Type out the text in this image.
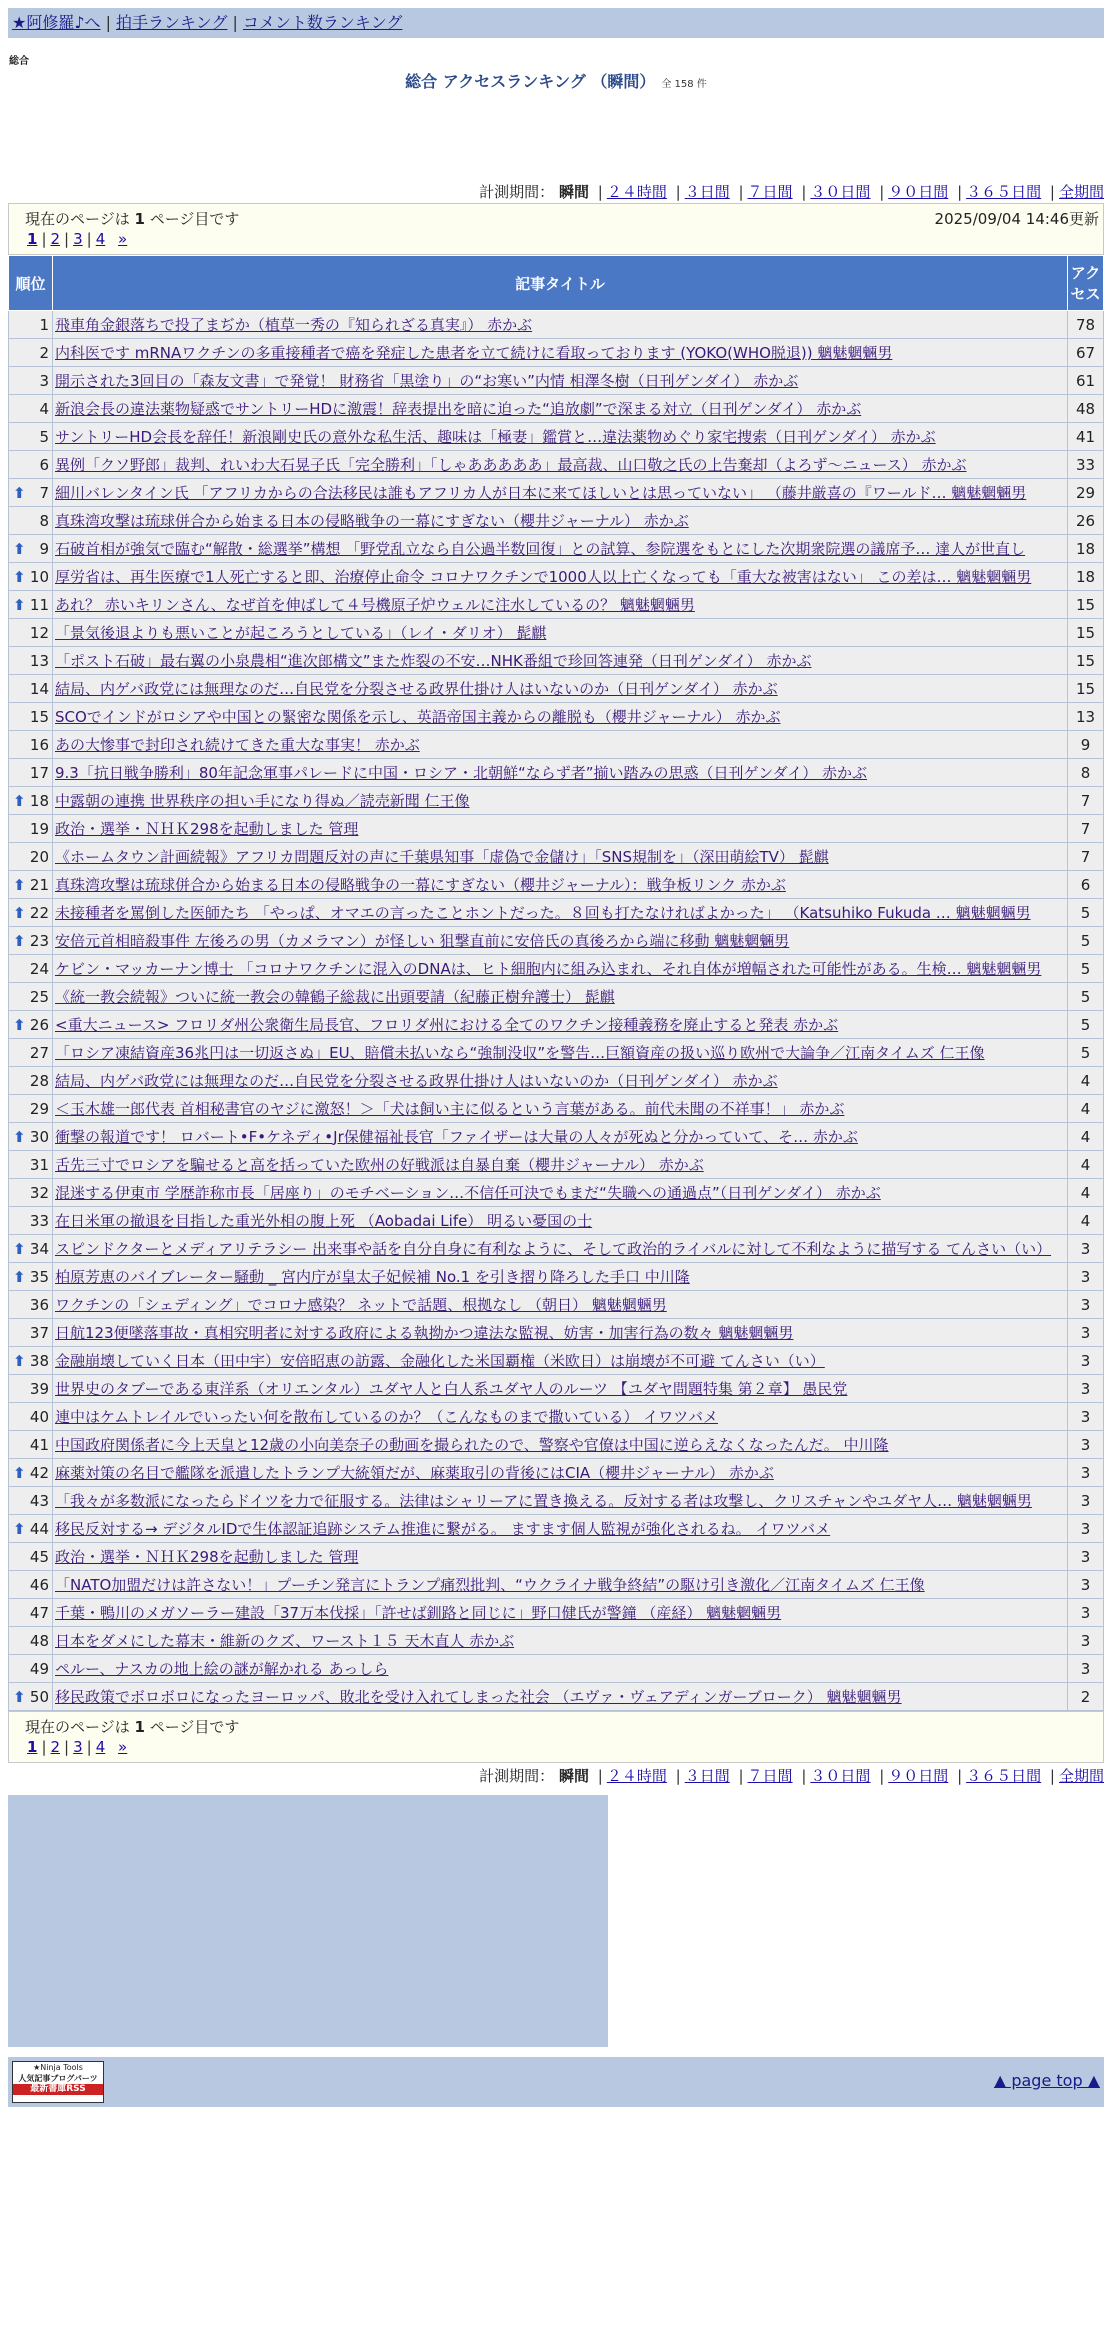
★阿修羅♪へ | 拍手ランキング | コメント数ランキング
総合
総合 アクセスランキング （瞬間） 全 158 件
計測期間： 瞬間 | ２４時間 | ３日間 | ７日間 | ３０日間 | ９０日間 | ３６５日間 | 全期間
現在のページは 1 ページ目です	2025/09/04 14:46更新
1 | 2 | 3 | 4 »
順位	記事タイトル	アクセス
1	飛車角金銀落ちで投了まぢか（植草一秀の『知られざる真実』） 赤かぶ	78
2	内科医です mRNAワクチンの多重接種者で癌を発症した患者を立て続けに看取っております (YOKO(WHO脱退)) 魑魅魍魎男	67
3	開示された3回目の「森友文書」で発覚！ 財務省「黒塗り」の“お寒い”内情 相澤冬樹（日刊ゲンダイ） 赤かぶ	61
4	新浪会長の違法薬物疑惑でサントリーHDに激震！辞表提出を暗に迫った“追放劇”で深まる対立（日刊ゲンダイ） 赤かぶ	48
5	サントリーHD会長を辞任！新浪剛史氏の意外な私生活、趣味は「極妻」鑑賞と…違法薬物めぐり家宅捜索（日刊ゲンダイ） 赤かぶ	41
6	異例「クソ野郎」裁判、れいわ大石晃子氏「完全勝利」「しゃあああああ」最高裁、山口敬之氏の上告棄却（よろず〜ニュース） 赤かぶ	33

⬆ 7	細川バレンタイン氏 「アフリカからの合法移民は誰もアフリカ人が日本に来てほしいとは思っていない」 （藤井厳喜の『ワールド… 魑魅魍魎男	29
8	真珠湾攻撃は琉球併合から始まる日本の侵略戦争の一幕にすぎない（櫻井ジャーナル） 赤かぶ	26

⬆ 9	石破首相が強気で臨む“解散・総選挙”構想 「野党乱立なら自公過半数回復」との試算、参院選をもとにした次期衆院選の議席予… 達人が世直し	18

⬆ 10	厚労省は、再生医療で1人死亡すると即、治療停止命令 コロナワクチンで1000人以上亡くなっても「重大な被害はない」 この差は… 魑魅魍魎男	18

⬆ 11	あれ？ 赤いキリンさん、なぜ首を伸ばして４号機原子炉ウェルに注水しているの？ 魑魅魍魎男	15
12	「景気後退よりも悪いことが起ころうとしている」（レイ・ダリオ） 髭麒	15
13	「ポスト石破」最右翼の小泉農相“進次郎構文”また炸裂の不安…NHK番組で珍回答連発（日刊ゲンダイ） 赤かぶ	15
14	結局、内ゲバ政党には無理なのだ…自民党を分裂させる政界仕掛け人はいないのか（日刊ゲンダイ） 赤かぶ	15
15	SCOでインドがロシアや中国との緊密な関係を示し、英語帝国主義からの離脱も（櫻井ジャーナル） 赤かぶ	13
16	あの大惨事で封印され続けてきた重大な事実！ 赤かぶ	9
17	9.3「抗日戦争勝利」80年記念軍事パレードに中国・ロシア・北朝鮮“ならず者”揃い踏みの思惑（日刊ゲンダイ） 赤かぶ	8

⬆ 18	中露朝の連携 世界秩序の担い手になり得ぬ／読売新聞 仁王像	7
19	政治・選挙・ＮＨＫ298を起動しました 管理	7
20	《ホームタウン計画続報》アフリカ問題反対の声に千葉県知事「虚偽で金儲け」「SNS規制を」（深田萌絵TV） 髭麒	7

⬆ 21	真珠湾攻撃は琉球併合から始まる日本の侵略戦争の一幕にすぎない（櫻井ジャーナル）：戦争板リンク 赤かぶ	6

⬆ 22	未接種者を罵倒した医師たち 「やっぱ、オマエの言ったことホントだった。８回も打たなければよかった」 （Katsuhiko Fukuda … 魑魅魍魎男	5

⬆ 23	安倍元首相暗殺事件 左後ろの男（カメラマン）が怪しい 狙撃直前に安倍氏の真後ろから端に移動 魑魅魍魎男	5
24	ケビン・マッカーナン博士 「コロナワクチンに混入のDNAは、ヒト細胞内に組み込まれ、それ自体が増幅された可能性がある。生検… 魑魅魍魎男	5
25	《統一教会続報》ついに統一教会の韓鶴子総裁に出頭要請（紀藤正樹弁護士） 髭麒	5

⬆ 26	<重大ニュース> フロリダ州公衆衛生局長官、フロリダ州における全てのワクチン接種義務を廃止すると発表 赤かぶ	5
27	「ロシア凍結資産36兆円は一切返さぬ」EU、賠償未払いなら“強制没収”を警告…巨額資産の扱い巡り欧州で大論争／江南タイムズ 仁王像	5
28	結局、内ゲバ政党には無理なのだ…自民党を分裂させる政界仕掛け人はいないのか（日刊ゲンダイ） 赤かぶ	4
29	＜玉木雄一郎代表 首相秘書官のヤジに激怒！＞「犬は飼い主に似るという言葉がある。前代未聞の不祥事！」 赤かぶ	4

⬆ 30	衝撃の報道です！ ロバート•F•ケネディ•Jr保健福祉長官「ファイザーは大量の人々が死ぬと分かっていて、そ… 赤かぶ	4
31	舌先三寸でロシアを騙せると高を括っていた欧州の好戦派は自暴自棄（櫻井ジャーナル） 赤かぶ	4
32	混迷する伊東市 学歴詐称市長「居座り」のモチベーション…不信任可決でもまだ“失職への通過点”（日刊ゲンダイ） 赤かぶ	4
33	在日米軍の撤退を目指した重光外相の腹上死 （Aobadai Life） 明るい憂国の士	4

⬆ 34	スピンドクターとメディアリテラシー 出来事や話を自分自身に有利なように、そして政治的ライバルに対して不利なように描写する てんさい（い）	3

⬆ 35	柏原芳恵のバイブレーター騒動 _ 宮内庁が皇太子妃候補 No.1 を引き摺り降ろした手口 中川隆	3
36	ワクチンの「シェディング」でコロナ感染？ ネットで話題、根拠なし （朝日） 魑魅魍魎男	3
37	日航123便墜落事故・真相究明者に対する政府による執拗かつ違法な監視、妨害・加害行為の数々 魑魅魍魎男	3

⬆ 38	金融崩壊していく日本（田中宇）安倍昭恵の訪露、金融化した米国覇権（米欧日）は崩壊が不可避 てんさい（い）	3
39	世界史のタブーである東洋系（オリエンタル）ユダヤ人と白人系ユダヤ人のルーツ 【ユダヤ問題特集 第２章】 愚民党	3
40	連中はケムトレイルでいったい何を散布しているのか？（こんなものまで撒いている） イワツバメ	3
41	中国政府関係者に今上天皇と12歳の小向美奈子の動画を撮られたので、警察や官僚は中国に逆らえなくなったんだ。 中川隆	3

⬆ 42	麻薬対策の名目で艦隊を派遣したトランプ大統領だが、麻薬取引の背後にはCIA（櫻井ジャーナル） 赤かぶ	3
43	「我々が多数派になったらドイツを力で征服する。法律はシャリーアに置き換える。反対する者は攻撃し、クリスチャンやユダヤ人… 魑魅魍魎男	3

⬆ 44	移民反対する→ デジタルIDで生体認証追跡システム推進に繋がる。 ますます個人監視が強化されるね。 イワツバメ	3
45	政治・選挙・ＮＨＫ298を起動しました 管理	3
46	「NATO加盟だけは許さない！」プーチン発言にトランプ痛烈批判、“ウクライナ戦争終結”の駆け引き激化／江南タイムズ 仁王像	3
47	千葉・鴨川のメガソーラー建設「37万本伐採」「許せば釧路と同じに」野口健氏が警鐘 （産経） 魑魅魍魎男	3
48	日本をダメにした幕末・維新のクズ、ワースト１５ 天木直人 赤かぶ	3
49	ペルー、ナスカの地上絵の謎が解かれる あっしら	3

⬆ 50	移民政策でボロボロになったヨーロッパ、敗北を受け入れてしまった社会 （エヴァ・ヴェアディンガーブローク） 魑魅魍魎男	2
現在のページは 1 ページ目です
1 | 2 | 3 | 4 »
計測期間： 瞬間 | ２４時間 | ３日間 | ７日間 | ３０日間 | ９０日間 | ３６５日間 | 全期間
★Ninja Tools
人気記事ブログパーツ
最新書庫RSS	▲ page top ▲
